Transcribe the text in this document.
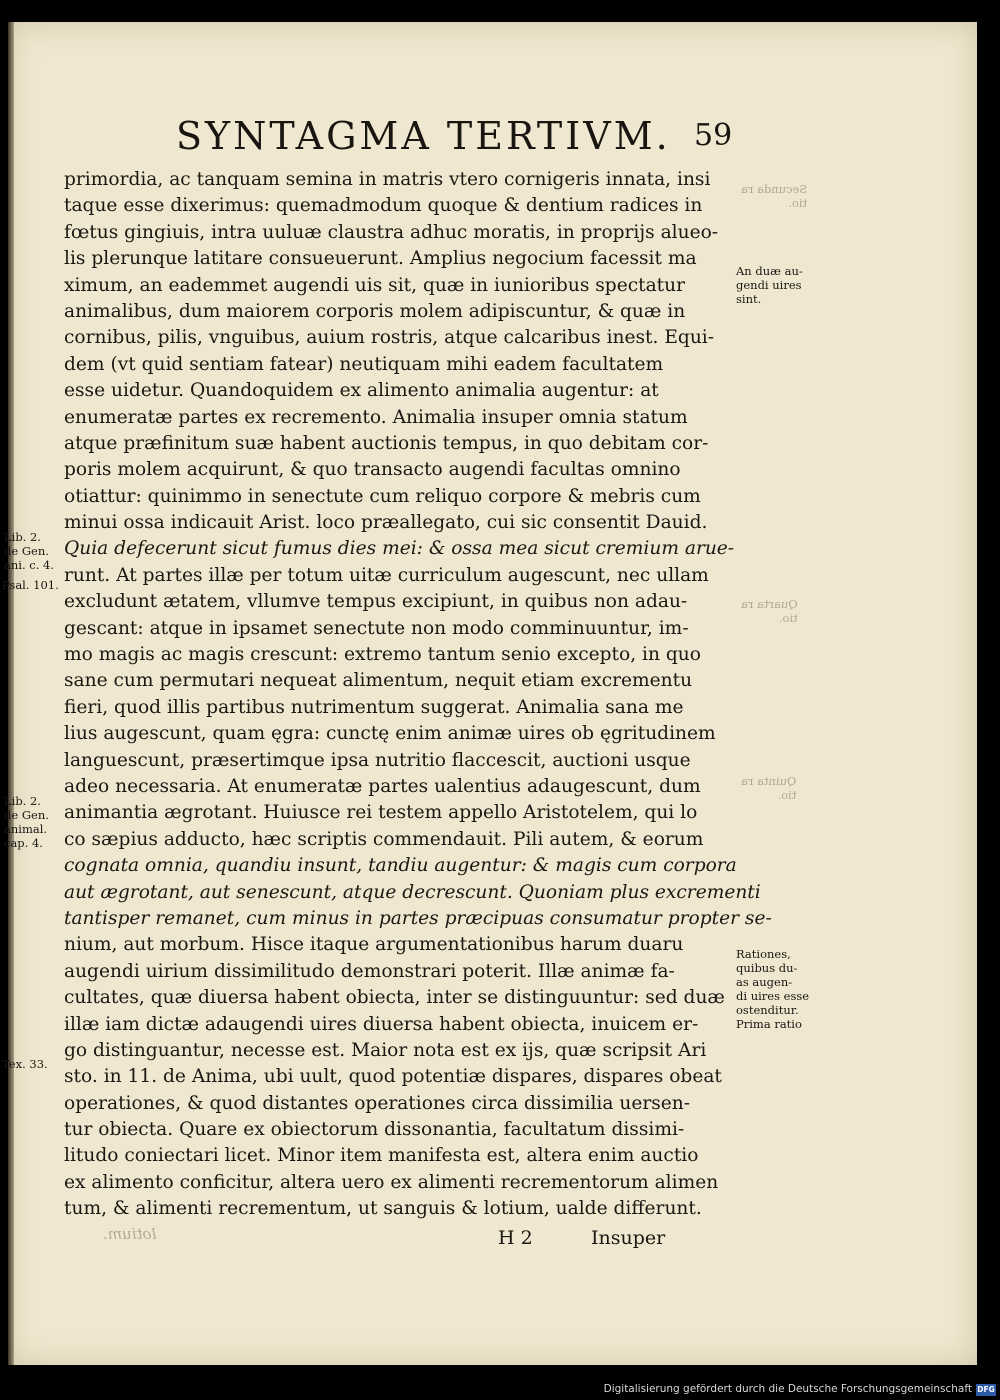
SYNTAGMA TERTIVM. 59
primordia, ac tanquam semina in matris vtero cornigeris innata, insi
taque esse dixerimus: quemadmodum quoque & dentium radices in
fœtus gingiuis, intra uuluæ claustra adhuc moratis, in proprijs alueo-
lis plerunque latitare consueuerunt. Amplius negocium facessit ma
ximum, an eademmet augendi uis sit, quæ in iunioribus spectatur
animalibus, dum maiorem corporis molem adipiscuntur, & quæ in
cornibus, pilis, vnguibus, auium rostris, atque calcaribus inest. Equi-
dem (vt quid sentiam fatear) neutiquam mihi eadem facultatem
esse uidetur. Quandoquidem ex alimento animalia augentur: at
enumeratæ partes ex recremento. Animalia insuper omnia statum
atque præfinitum suæ habent auctionis tempus, in quo debitam cor-
poris molem acquirunt, & quo transacto augendi facultas omnino
otiattur: quinimmo in senectute cum reliquo corpore & mebris cum
minui ossa indicauit Arist. loco præallegato, cui sic consentit Dauid.
Quia defecerunt sicut fumus dies mei: & ossa mea sicut cremium arue-
runt. At partes illæ per totum uitæ curriculum augescunt, nec ullam
excludunt ætatem, vllumve tempus excipiunt, in quibus non adau-
gescant: atque in ipsamet senectute non modo comminuuntur, im-
mo magis ac magis crescunt: extremo tantum senio excepto, in quo
sane cum permutari nequeat alimentum, nequit etiam excrementu
fieri, quod illis partibus nutrimentum suggerat. Animalia sana me
lius augescunt, quam ęgra: cunctę enim animæ uires ob ęgritudinem
languescunt, præsertimque ipsa nutritio flaccescit, auctioni usque
adeo necessaria. At enumeratæ partes ualentius adaugescunt, dum
animantia ægrotant. Huiusce rei testem appello Aristotelem, qui lo
co sæpius adducto, hæc scriptis commendauit. Pili autem, & eorum
cognata omnia, quandiu insunt, tandiu augentur: & magis cum corpora
aut ægrotant, aut senescunt, atque decrescunt. Quoniam plus excrementi
tantisper remanet, cum minus in partes præcipuas consumatur propter se-
nium, aut morbum. Hisce itaque argumentationibus harum duaru
augendi uirium dissimilitudo demonstrari poterit. Illæ animæ fa-
cultates, quæ diuersa habent obiecta, inter se distinguuntur: sed duæ
illæ iam dictæ adaugendi uires diuersa habent obiecta, inuicem er-
go distinguantur, necesse est. Maior nota est ex ijs, quæ scripsit Ari
sto. in 11. de Anima, ubi uult, quod potentiæ dispares, dispares obeat
operationes, & quod distantes operationes circa dissimilia uersen-
tur obiecta. Quare ex obiectorum dissonantia, facultatum dissimi-
litudo coniectari licet. Minor item manifesta est, altera enim auctio
ex alimento conficitur, altera uero ex alimenti recrementorum alimen
tum, & alimenti recrementum, ut sanguis & lotium, ualde differunt.
Lib. 2.
de Gen.
ani. c. 4.
Psal. 101.
Lib. 2.
de Gen.
animal.
cap. 4.
Tex. 33.
An duæ au-
gendi uires
sint.
Rationes,
quibus du-
as augen-
di uires esse
ostenditur.
Prima ratio
Secunda ra
tio.
Quarta ra
tio.
Quinta ra
tio.
lotium.	H 2	Insuper
Digitalisierung gefördert durch die Deutsche Forschungsgemeinschaft DFG
